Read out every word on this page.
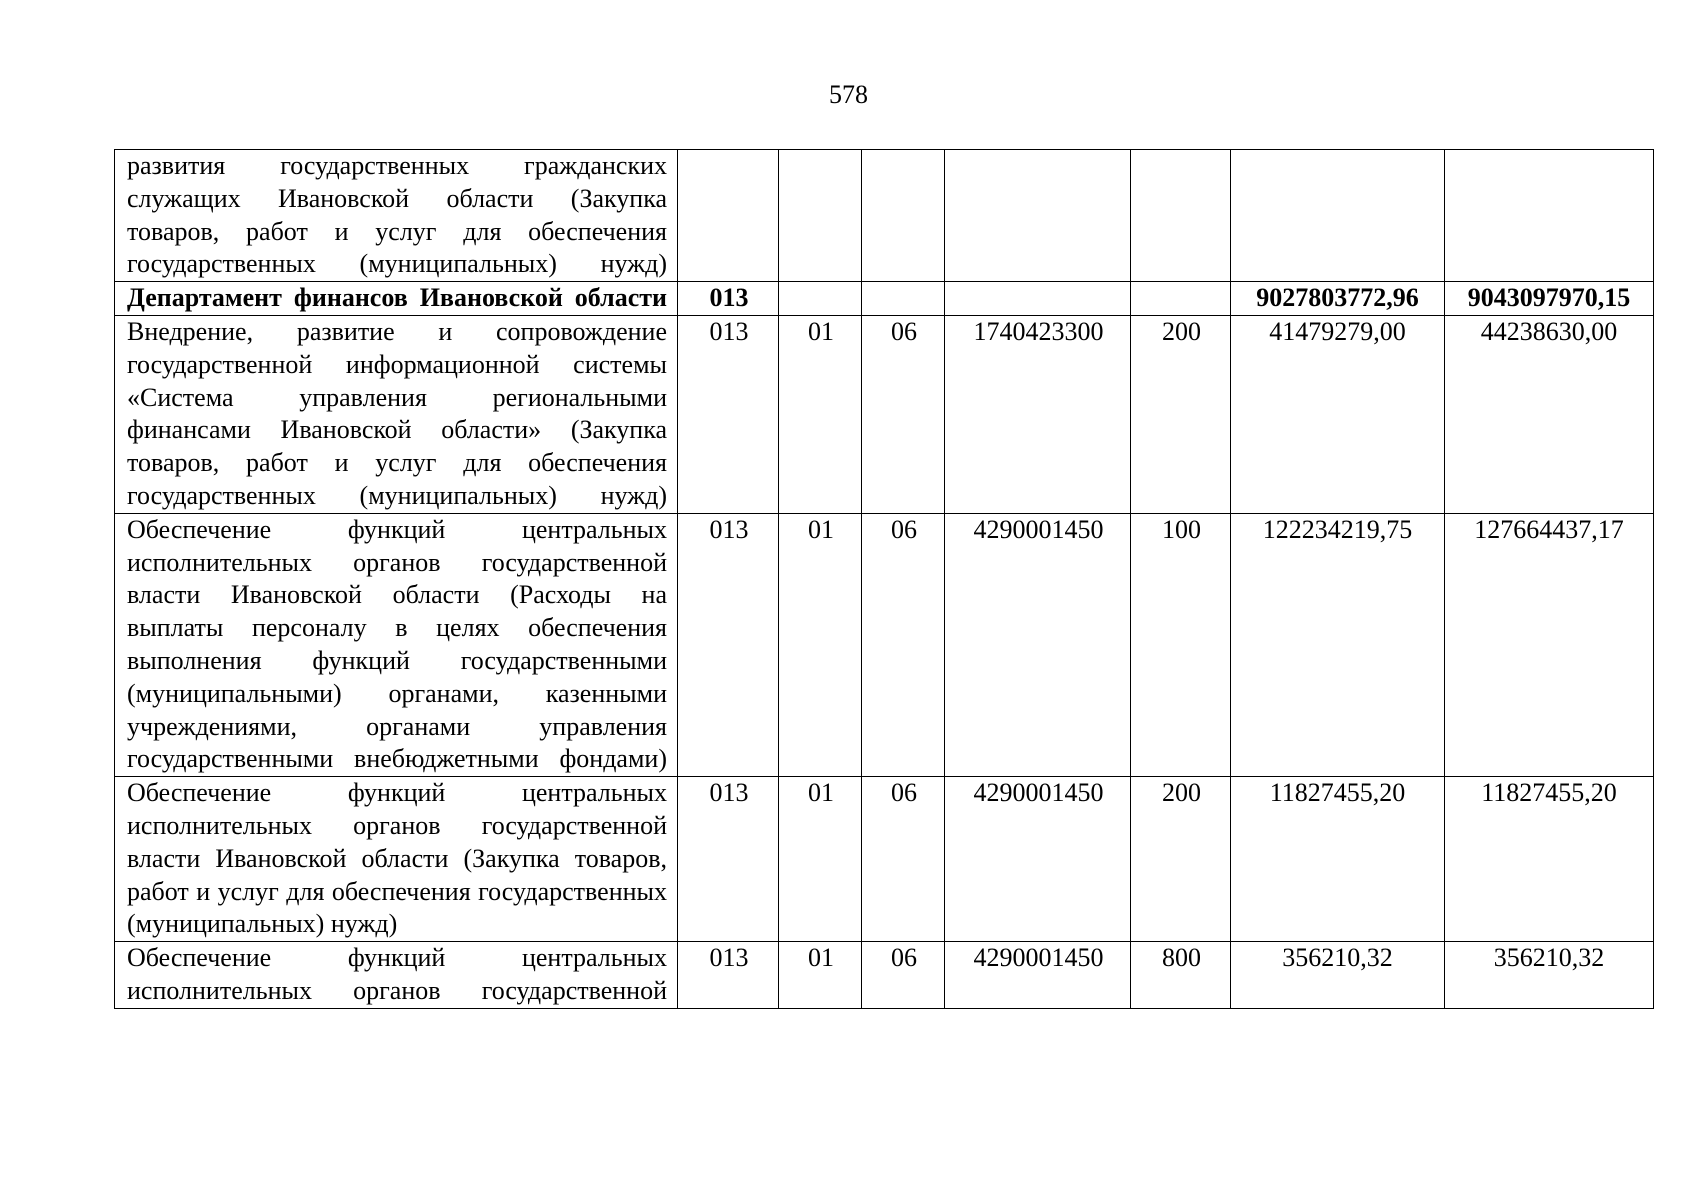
578
развития государственных гражданских служащих Ивановской области (Закупка товаров, работ и услуг для обеспечения государственных (муниципальных) нужд)							
Департамент финансов Ивановской области	013					9027803772,96	9043097970,15
Внедрение, развитие и сопровождение государственной информационной системы «Система управления региональными финансами Ивановской области» (Закупка товаров, работ и услуг для обеспечения государственных (муниципальных) нужд)	013	01	06	1740423300	200	41479279,00	44238630,00
Обеспечение функций центральных исполнительных органов государственной власти Ивановской области (Расходы на выплаты персоналу в целях обеспечения выполнения функций государственными (муниципальными) органами, казенными учреждениями, органами управления государственными внебюджетными фондами)	013	01	06	4290001450	100	122234219,75	127664437,17
Обеспечение функций центральных исполнительных органов государственной власти Ивановской области (Закупка товаров, работ и услуг для обеспечения государственных (муниципальных) нужд)	013	01	06	4290001450	200	11827455,20	11827455,20
Обеспечение функций центральных исполнительных органов государственной	013	01	06	4290001450	800	356210,32	356210,32
